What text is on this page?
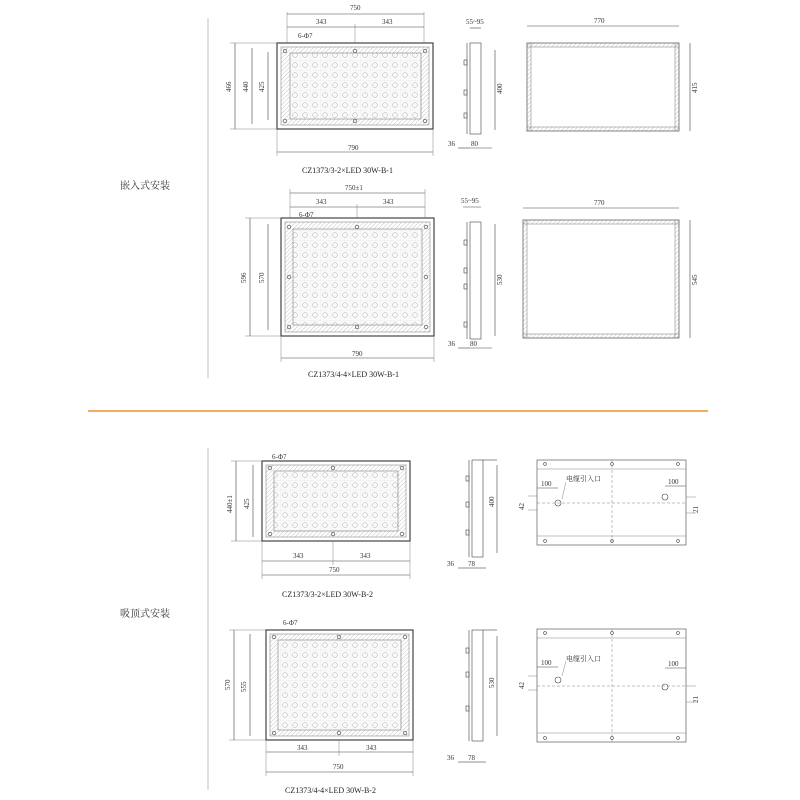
嵌入式安装
吸顶式安装
750
343	343
6-Φ7
466 440 425
790
CZ1373/3-2×LED 30W-B-1
55~95
400
36 80
770
415
750±1
343	343
6-Φ7
596 570
790
CZ1373/4-4×LED 30W-B-1
55~95
530
36 80
770
545
6-Φ7
440±1 425
343	343
750
CZ1373/3-2×LED 30W-B-2
400
36 78
电缆引入口
100	100
42	21
6-Φ7
570 555
343	343
750
CZ1373/4-4×LED 30W-B-2
530
36 78
电缆引入口
100	100
42
21
